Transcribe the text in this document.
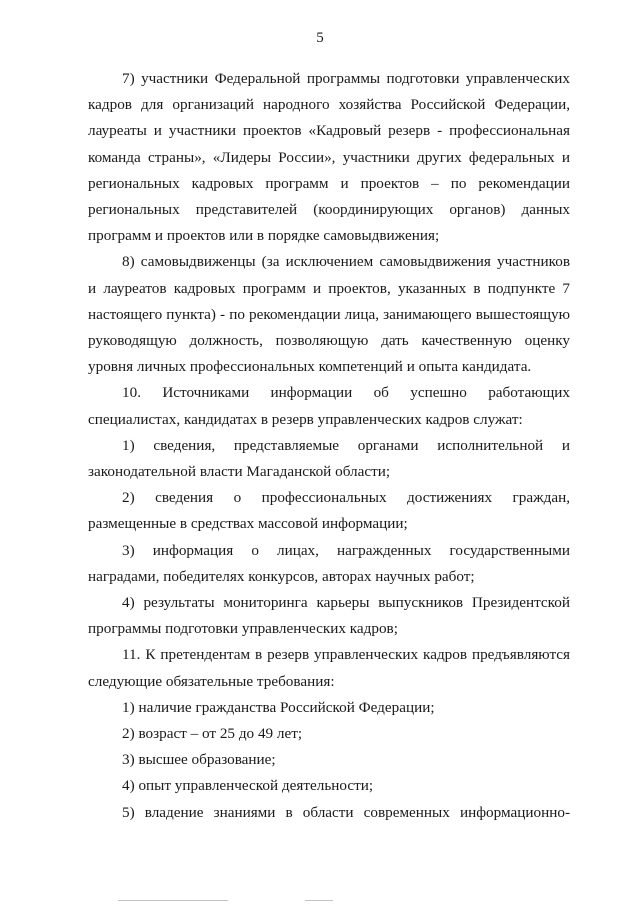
5

7) участники Федеральной программы подготовки управленческих кадров для организаций народного хозяйства Российской Федерации, лауреаты и участники проектов «Кадровый резерв - профессиональная команда страны», «Лидеры России», участники других федеральных и региональных кадровых программ и проектов – по рекомендации региональных представителей (координирующих органов) данных программ и проектов или в порядке самовыдвижения;

8) самовыдвиженцы (за исключением самовыдвижения участников и лауреатов кадровых программ и проектов, указанных в подпункте 7 настоящего пункта) - по рекомендации лица, занимающего вышестоящую руководящую должность, позволяющую дать качественную оценку уровня личных профессиональных компетенций и опыта кандидата.

10. Источниками информации об успешно работающих специалистах, кандидатах в резерв управленческих кадров служат:

1) сведения, представляемые органами исполнительной и законодательной власти Магаданской области;

2) сведения о профессиональных достижениях граждан, размещенные в средствах массовой информации;

3) информация о лицах, награжденных государственными наградами, победителях конкурсов, авторах научных работ;

4) результаты мониторинга карьеры выпускников Президентской программы подготовки управленческих кадров;

11. К претендентам в резерв управленческих кадров предъявляются следующие обязательные требования:

1) наличие гражданства Российской Федерации;

2) возраст – от 25 до 49 лет;

3) высшее образование;

4) опыт управленческой деятельности;

5) владение знаниями в области современных информационно-
